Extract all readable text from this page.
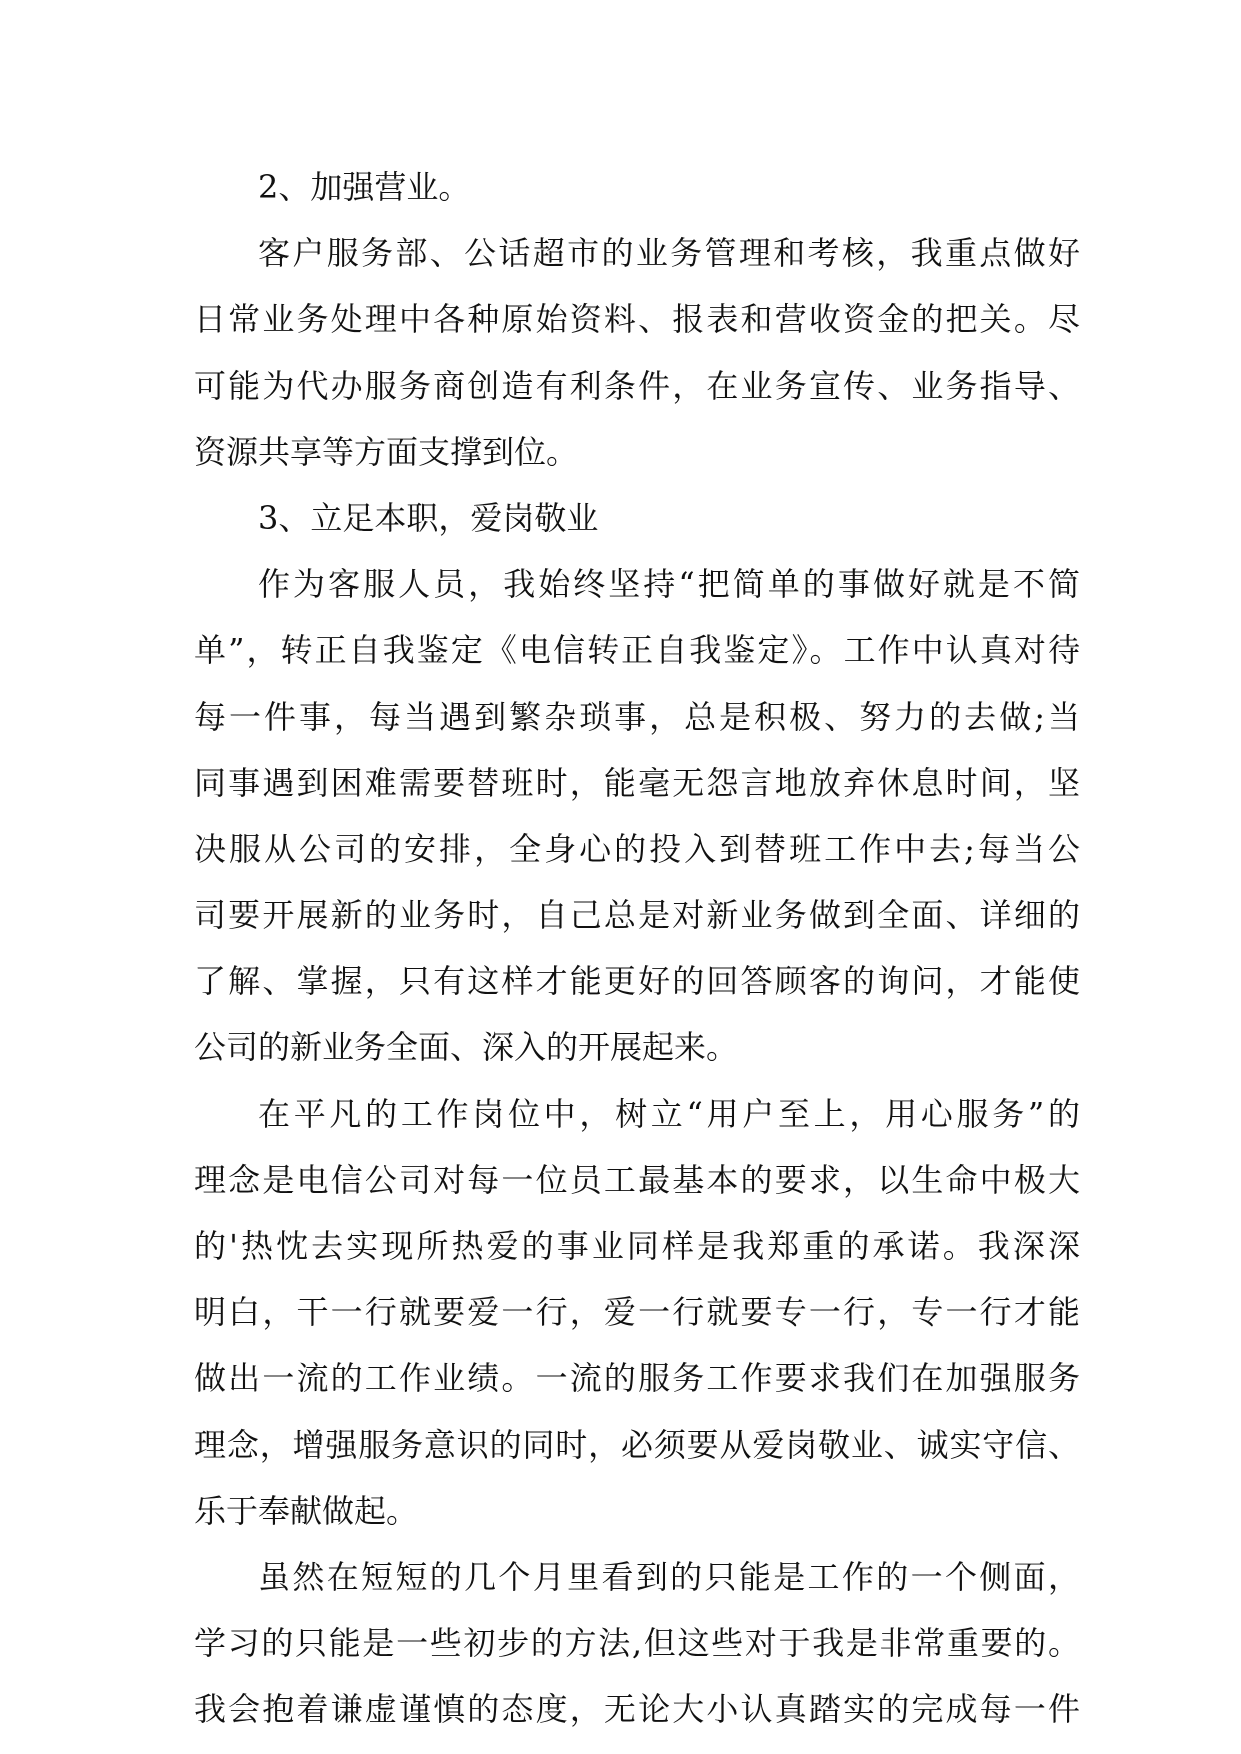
2、加强营业。
客户服务部、公话超市的业务管理和考核，我重点做好
日常业务处理中各种原始资料、报表和营收资金的把关。尽
可能为代办服务商创造有利条件，在业务宣传、业务指导、
资源共享等方面支撑到位。
3、立足本职，爱岗敬业
作为客服人员，我始终坚持“把简单的事做好就是不简
单”，转正自我鉴定《电信转正自我鉴定》。工作中认真对待
每一件事，每当遇到繁杂琐事，总是积极、努力的去做;当
同事遇到困难需要替班时，能毫无怨言地放弃休息时间，坚
决服从公司的安排，全身心的投入到替班工作中去;每当公
司要开展新的业务时，自己总是对新业务做到全面、详细的
了解、掌握，只有这样才能更好的回答顾客的询问，才能使
公司的新业务全面、深入的开展起来。
在平凡的工作岗位中，树立“用户至上，用心服务”的
理念是电信公司对每一位员工最基本的要求，以生命中极大
的'热忱去实现所热爱的事业同样是我郑重的承诺。我深深
明白，干一行就要爱一行，爱一行就要专一行，专一行才能
做出一流的工作业绩。一流的服务工作要求我们在加强服务
理念，增强服务意识的同时，必须要从爱岗敬业、诚实守信、
乐于奉献做起。
虽然在短短的几个月里看到的只能是工作的一个侧面，
学习的只能是一些初步的方法,但这些对于我是非常重要的。
我会抱着谦虚谨慎的态度，无论大小认真踏实的完成每一件
